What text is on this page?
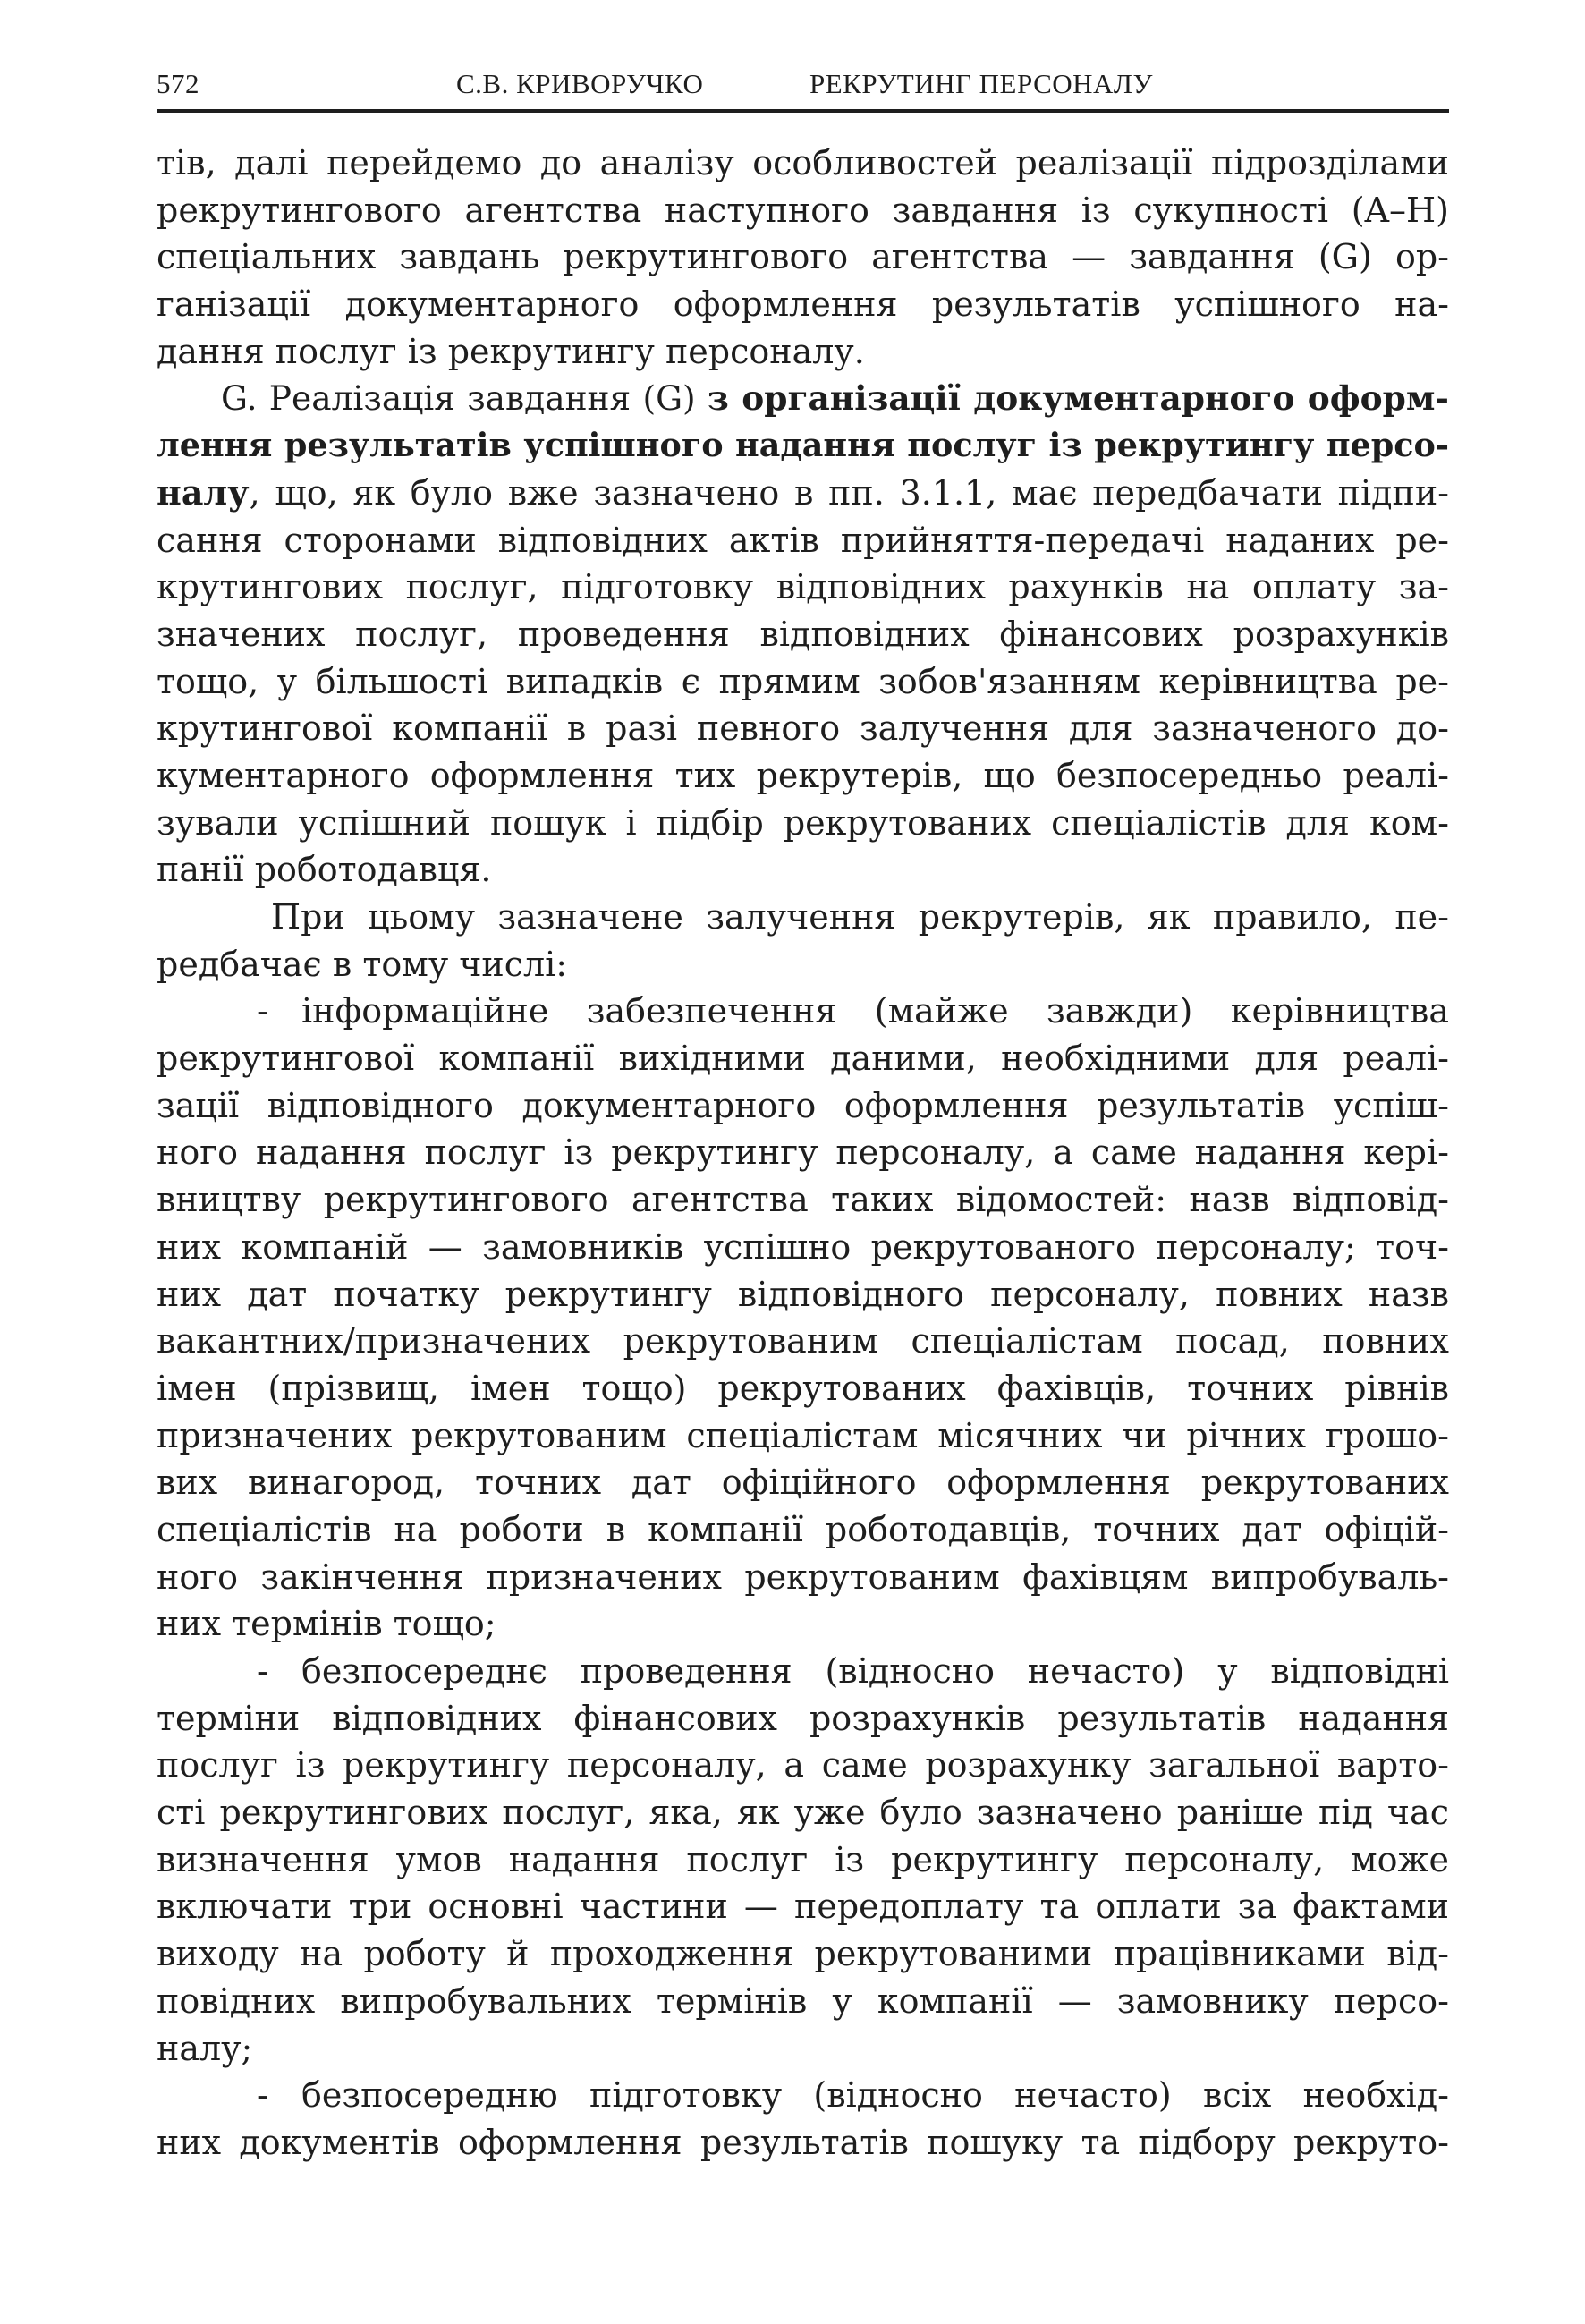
572	С.В. КРИВОРУЧКО	РЕКРУТИНГ ПЕРСОНАЛУ
тів, далі перейдемо до аналізу особливостей реалізації підрозділами
рекрутингового агентства наступного завдання із сукупності (A–H)
спеціальних завдань рекрутингового агентства — завдання (G) ор-
ганізації документарного оформлення результатів успішного на-
дання послуг із рекрутингу персоналу.
G. Реалізація завдання (G) з організації документарного оформ-
лення результатів успішного надання послуг із рекрутингу персо-
налу, що, як було вже зазначено в пп. 3.1.1, має передбачати підпи-
сання сторонами відповідних актів прийняття-передачі наданих ре-
крутингових послуг, підготовку відповідних рахунків на оплату за-
значених послуг, проведення відповідних фінансових розрахунків
тощо, у більшості випадків є прямим зобов'язанням керівництва ре-
крутингової компанії в разі певного залучення для зазначеного до-
кументарного оформлення тих рекрутерів, що безпосередньо реалі-
зували успішний пошук і підбір рекрутованих спеціалістів для ком-
панії роботодавця.
При цьому зазначене залучення рекрутерів, як правило, пе-
редбачає в тому числі:
- інформаційне забезпечення (майже завжди) керівництва
рекрутингової компанії вихідними даними, необхідними для реалі-
зації відповідного документарного оформлення результатів успіш-
ного надання послуг із рекрутингу персоналу, а саме надання кері-
вництву рекрутингового агентства таких відомостей: назв відповід-
них компаній — замовників успішно рекрутованого персоналу; точ-
них дат початку рекрутингу відповідного персоналу, повних назв
вакантних/призначених рекрутованим спеціалістам посад, повних
імен (прізвищ, імен тощо) рекрутованих фахівців, точних рівнів
призначених рекрутованим спеціалістам місячних чи річних грошо-
вих винагород, точних дат офіційного оформлення рекрутованих
спеціалістів на роботи в компанії роботодавців, точних дат офіцій-
ного закінчення призначених рекрутованим фахівцям випробуваль-
них термінів тощо;
- безпосереднє проведення (відносно нечасто) у відповідні
терміни відповідних фінансових розрахунків результатів надання
послуг із рекрутингу персоналу, а саме розрахунку загальної варто-
сті рекрутингових послуг, яка, як уже було зазначено раніше під час
визначення умов надання послуг із рекрутингу персоналу, може
включати три основні частини — передоплату та оплати за фактами
виходу на роботу й проходження рекрутованими працівниками від-
повідних випробувальних термінів у компанії — замовнику персо-
налу;
- безпосередню підготовку (відносно нечасто) всіх необхід-
них документів оформлення результатів пошуку та підбору рекруто-
